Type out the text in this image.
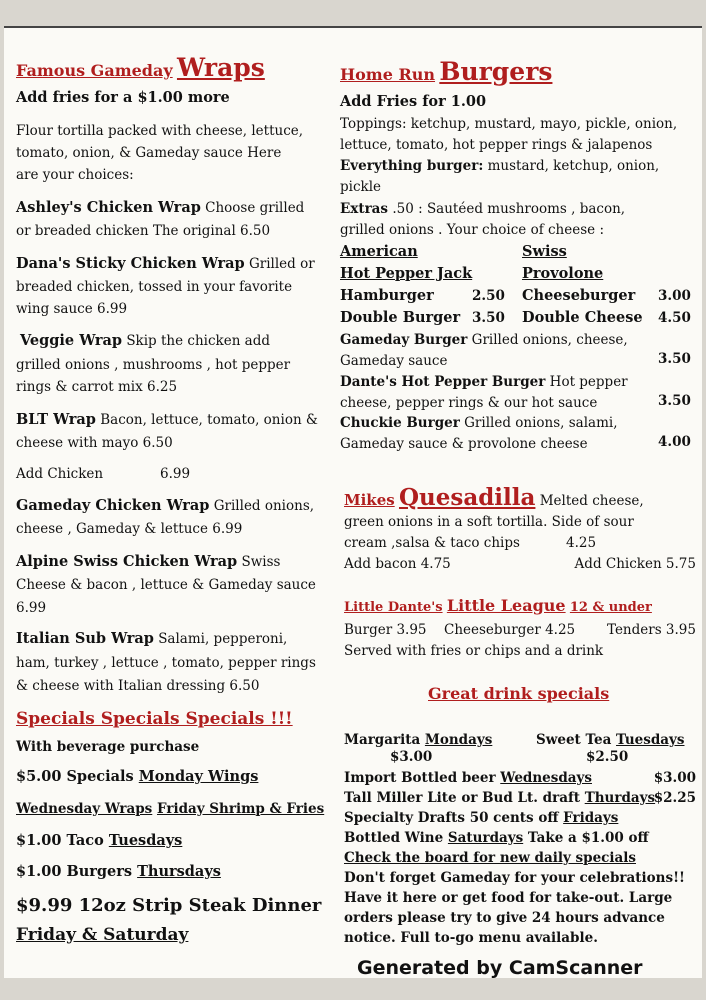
Famous Gameday Wraps
Add fries for a $1.00 more
Flour tortilla packed with cheese, lettuce,
tomato, onion, & Gameday sauce Here
are your choices:
Ashley's Chicken Wrap Choose grilled
or breaded chicken The original 6.50
Dana's Sticky Chicken Wrap Grilled or
breaded chicken, tossed in your favorite
wing sauce 6.99
Veggie Wrap Skip the chicken add
grilled onions , mushrooms , hot pepper
rings & carrot mix 6.25
BLT Wrap Bacon, lettuce, tomato, onion &
cheese with mayo 6.50
Add Chicken	6.99
Gameday Chicken Wrap Grilled onions,
cheese , Gameday & lettuce 6.99
Alpine Swiss Chicken Wrap Swiss
Cheese & bacon , lettuce & Gameday sauce
6.99
Italian Sub Wrap Salami, pepperoni,
ham, turkey , lettuce , tomato, pepper rings
& cheese with Italian dressing 6.50
Specials Specials Specials !!!
With beverage purchase
$5.00 Specials Monday Wings
Wednesday Wraps Friday Shrimp & Fries
$1.00 Taco Tuesdays
$1.00 Burgers Thursdays
$9.99 12oz Strip Steak Dinner
Friday & Saturday
Home Run Burgers
Add Fries for 1.00
Toppings: ketchup, mustard, mayo, pickle, onion,
lettuce, tomato, hot pepper rings & jalapenos
Everything burger: mustard, ketchup, onion,
pickle
Extras .50 : Sautéed mushrooms , bacon,
grilled onions . Your choice of cheese :
American	Swiss
Hot Pepper Jack	Provolone
Hamburger	2.50 Cheeseburger 3.00
Double Burger 3.50 Double Cheese 4.50
Gameday Burger Grilled onions, cheese,
Gameday sauce	3.50
Dante's Hot Pepper Burger Hot pepper
cheese, pepper rings & our hot sauce	3.50
Chuckie Burger Grilled onions, salami,
Gameday sauce & provolone cheese	4.00
Mikes Quesadilla Melted cheese,
green onions in a soft tortilla. Side of sour
cream ,salsa & taco chips	4.25
Add bacon 4.75	Add Chicken 5.75
Little Dante's Little League 12 & under
Burger 3.95 Cheeseburger 4.25	Tenders 3.95
Served with fries or chips and a drink
Great drink specials
Margarita Mondays
$3.00
Sweet Tea Tuesdays
$2.50
Import Bottled beer Wednesdays	$3.00
Tall Miller Lite or Bud Lt. draft Thurdays
$2.25
Specialty Drafts 50 cents off Fridays
Bottled Wine Saturdays Take a $1.00 off
Check the board for new daily specials
Don't forget Gameday for your celebrations!!
Have it here or get food for take-out. Large
orders please try to give 24 hours advance
notice. Full to-go menu available.
Generated by CamScanner
